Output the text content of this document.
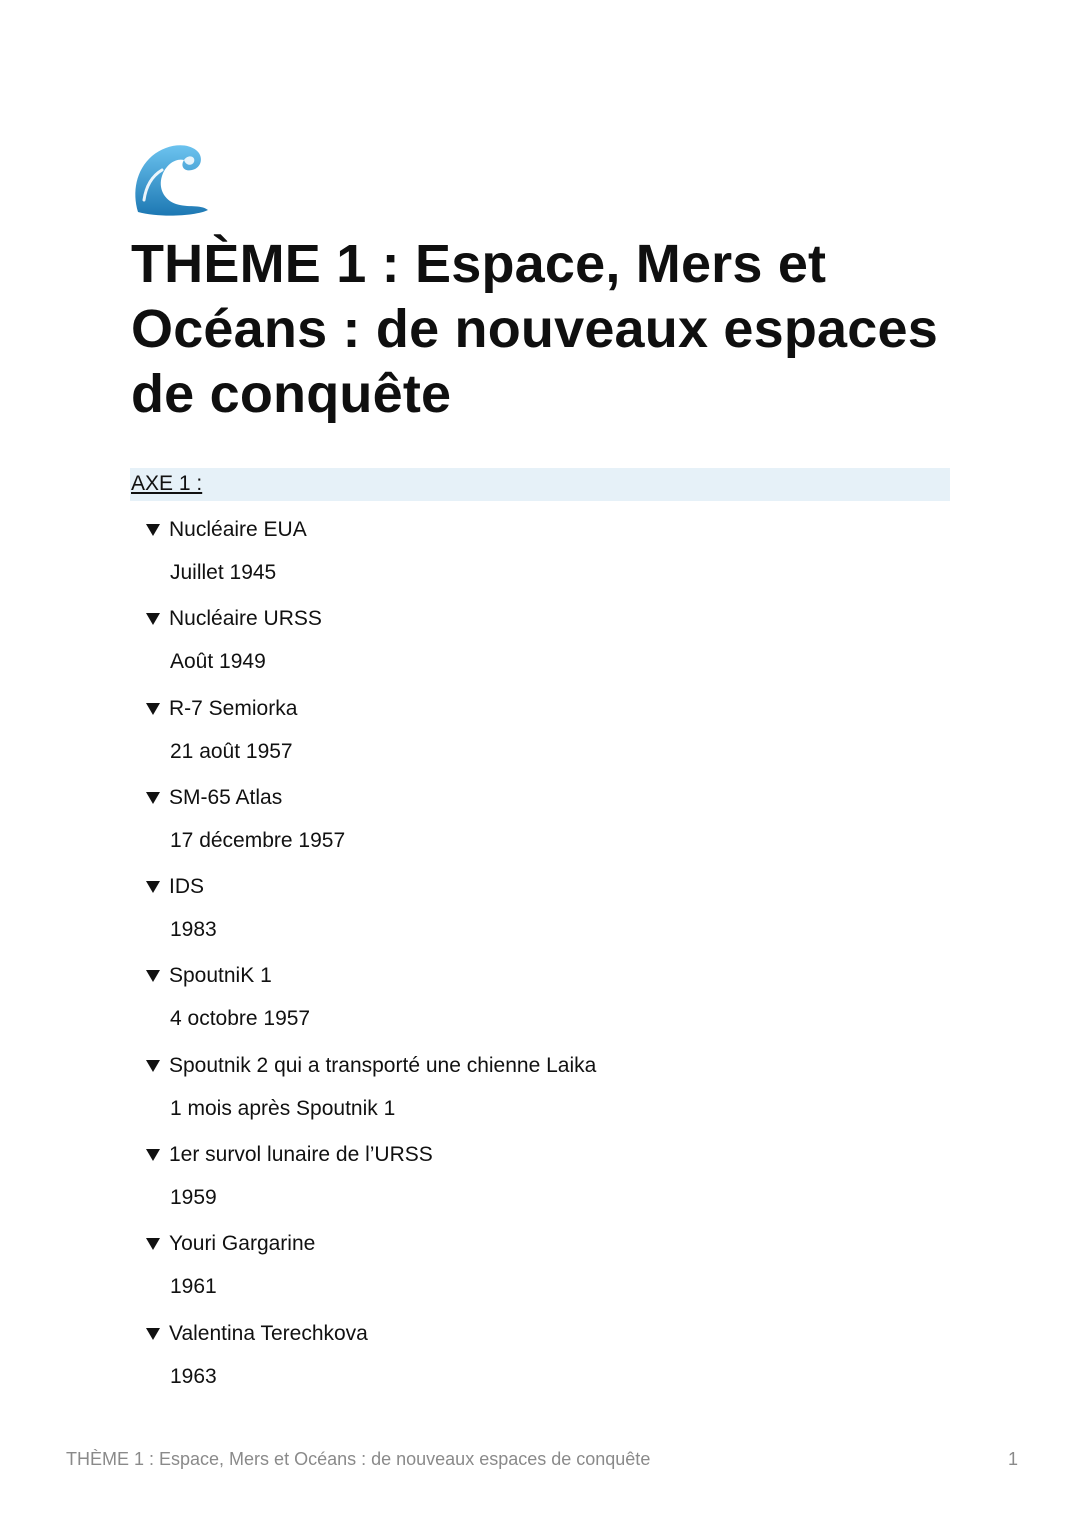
THÈME 1 : Espace, Mers et Océans : de nouveaux espaces de conquête
AXE 1 :
Nucléaire EUA
Juillet 1945
Nucléaire URSS
Août 1949
R-7 Semiorka
21 août 1957
SM-65 Atlas
17 décembre 1957
IDS
1983
SpoutniK 1
4 octobre 1957
Spoutnik 2 qui a transporté une chienne Laika
1 mois après Spoutnik 1
1er survol lunaire de l’URSS
1959
Youri Gargarine
1961
Valentina Terechkova
1963
THÈME 1 : Espace, Mers et Océans : de nouveaux espaces de conquête	1
